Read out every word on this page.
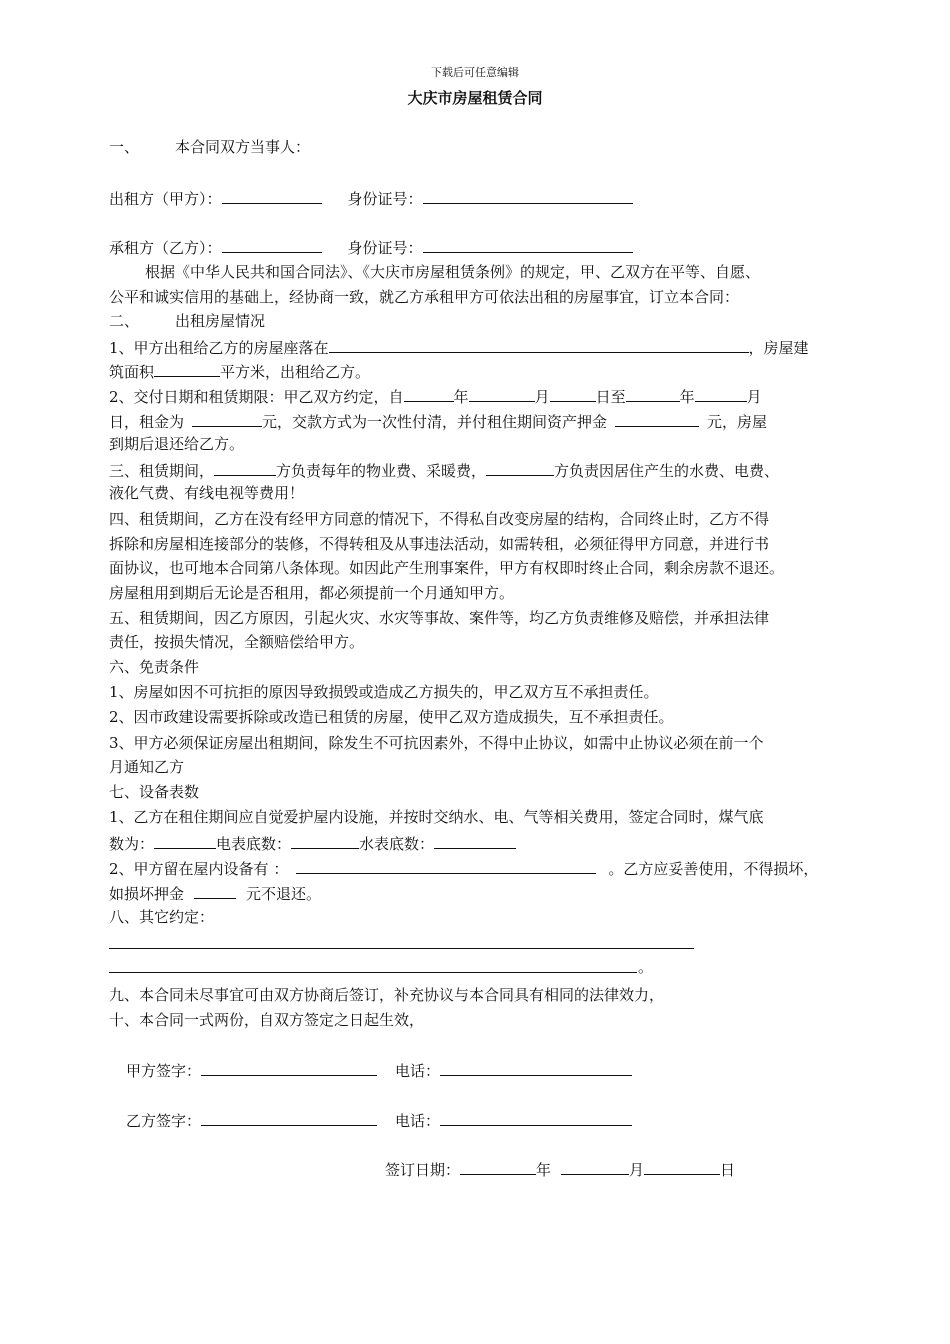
下载后可任意编辑
大庆市房屋租赁合同
一、 本合同双方当事人：
出租方（甲方）：	身份证号：
承租方（乙方）：	身份证号：
根据《中华人民共和国合同法》、《大庆市房屋租赁条例》的规定，甲、乙双方在平等、自愿、
公平和诚实信用的基础上，经协商一致，就乙方承租甲方可依法出租的房屋事宜，订立本合同：
二、 出租房屋情况
1、甲方出租给乙方的房屋座落在	，房屋建
筑面积	平方米，出租给乙方。
2、交付日期和租赁期限：甲乙双方约定，自	年	月	日至	年	月
日，租金为	元，交款方式为一次性付清，并付租住期间资产押金	元，房屋
到期后退还给乙方。
三、租赁期间，	方负责每年的物业费、采暖费，	方负责因居住产生的水费、电费、
液化气费、有线电视等费用！
四、租赁期间，乙方在没有经甲方同意的情况下，不得私自改变房屋的结构，合同终止时，乙方不得
拆除和房屋相连接部分的装修，不得转租及从事违法活动，如需转租，必须征得甲方同意，并进行书
面协议，也可地本合同第八条体现。如因此产生刑事案件，甲方有权即时终止合同，剩余房款不退还。
房屋租用到期后无论是否租用，都必须提前一个月通知甲方。
五、租赁期间，因乙方原因，引起火灾、水灾等事故、案件等，均乙方负责维修及赔偿，并承担法律
责任，按损失情况，全额赔偿给甲方。
六、免责条件
1、房屋如因不可抗拒的原因导致损毁或造成乙方损失的，甲乙双方互不承担责任。
2、因市政建设需要拆除或改造已租赁的房屋，使甲乙双方造成损失，互不承担责任。
3、甲方必须保证房屋出租期间，除发生不可抗因素外，不得中止协议，如需中止协议必须在前一个
月通知乙方
七、设备表数
1、乙方在租住期间应自觉爱护屋内设施，并按时交纳水、电、气等相关费用，签定合同时，煤气底
数为：	电表底数：	水表底数：
2、甲方留在屋内设备有 ：	。乙方应妥善使用，不得损坏，
如损坏押金	元不退还。
八、其它约定：
。
九、本合同未尽事宜可由双方协商后签订，补充协议与本合同具有相同的法律效力，
十、本合同一式两份，自双方签定之日起生效，
甲方签字：	电话：
乙方签字：	电话：
签订日期：	年	月	日
